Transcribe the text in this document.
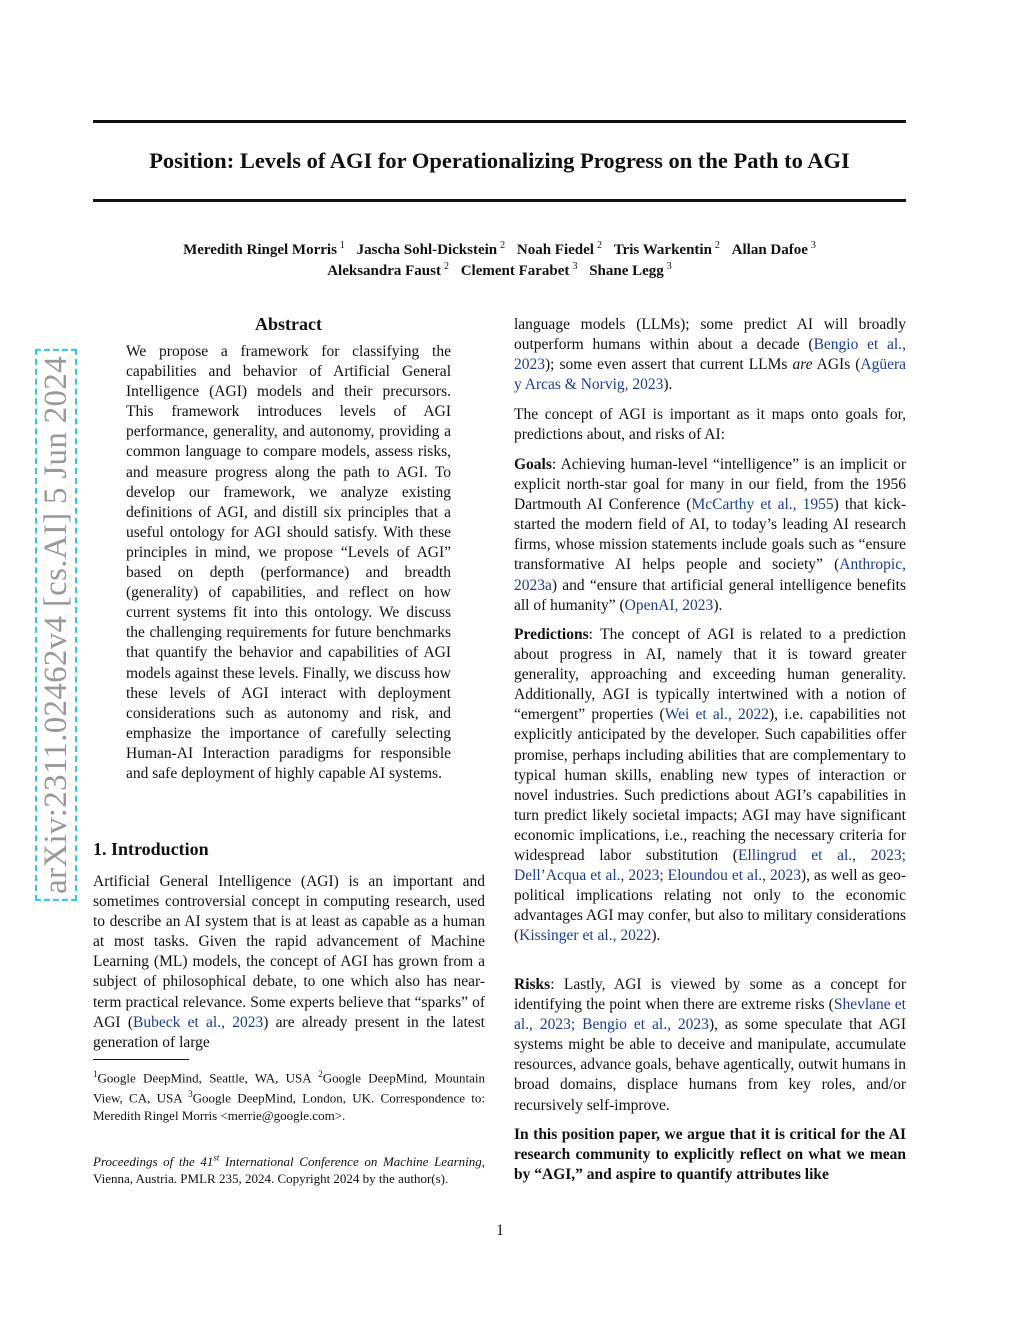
Position: Levels of AGI for Operationalizing Progress on the Path to AGI
Meredith Ringel Morris $^1$ Jascha Sohl-Dickstein $^2$ Noah Fiedel $^2$ Tris Warkentin $^2$ Allan Dafoe $^3$
Aleksandra Faust $^2$ Clement Farabet $^3$ Shane Legg $^3$
arXiv:2311.02462v4 [cs.AI] 5 Jun 2024
Abstract

We propose a framework for classifying the capabilities and behavior of Artificial General Intelligence (AGI) models and their precursors. This framework introduces levels of AGI performance, generality, and autonomy, providing a common language to compare models, assess risks, and measure progress along the path to AGI. To develop our framework, we analyze existing definitions of AGI, and distill six principles that a useful ontology for AGI should satisfy. With these principles in mind, we propose “Levels of AGI” based on depth (performance) and breadth (generality) of capabilities, and reflect on how current systems fit into this ontology. We discuss the challenging requirements for future benchmarks that quantify the behavior and capabilities of AGI models against these levels. Finally, we discuss how these levels of AGI interact with deployment considerations such as autonomy and risk, and emphasize the importance of carefully selecting Human-AI Interaction paradigms for responsible and safe deployment of highly capable AI systems.

1. Introduction

Artificial General Intelligence (AGI) is an important and sometimes controversial concept in computing research, used to describe an AI system that is at least as capable as a human at most tasks. Given the rapid advancement of Machine Learning (ML) models, the concept of AGI has grown from a subject of philosophical debate, to one which also has near-term practical relevance. Some experts believe that “sparks” of AGI (Bubeck et al., 2023) are already present in the latest generation of large

$^1$Google DeepMind, Seattle, WA, USA $^2$Google DeepMind, Mountain View, CA, USA $^3$Google DeepMind, London, UK. Correspondence to: Meredith Ringel Morris <merrie@google.com>.

Proceedings of the 41st International Conference on Machine Learning, Vienna, Austria. PMLR 235, 2024. Copyright 2024 by the author(s).

language models (LLMs); some predict AI will broadly outperform humans within about a decade (Bengio et al., 2023); some even assert that current LLMs are AGIs (Agüera y Arcas & Norvig, 2023).

The concept of AGI is important as it maps onto goals for, predictions about, and risks of AI:

Goals: Achieving human-level “intelligence” is an implicit or explicit north-star goal for many in our field, from the 1956 Dartmouth AI Conference (McCarthy et al., 1955) that kick-started the modern field of AI, to today’s leading AI research firms, whose mission statements include goals such as “ensure transformative AI helps people and society” (Anthropic, 2023a) and “ensure that artificial general intelligence benefits all of humanity” (OpenAI, 2023).

Predictions: The concept of AGI is related to a prediction about progress in AI, namely that it is toward greater generality, approaching and exceeding human generality. Additionally, AGI is typically intertwined with a notion of “emergent” properties (Wei et al., 2022), i.e. capabilities not explicitly anticipated by the developer. Such capabilities offer promise, perhaps including abilities that are complementary to typical human skills, enabling new types of interaction or novel industries. Such predictions about AGI’s capabilities in turn predict likely societal impacts; AGI may have significant economic implications, i.e., reaching the necessary criteria for widespread labor substitution (Ellingrud et al., 2023; Dell’Acqua et al., 2023; Eloundou et al., 2023), as well as geo-political implications relating not only to the economic advantages AGI may confer, but also to military considerations (Kissinger et al., 2022).

Risks: Lastly, AGI is viewed by some as a concept for identifying the point when there are extreme risks (Shevlane et al., 2023; Bengio et al., 2023), as some speculate that AGI systems might be able to deceive and manipulate, accumulate resources, advance goals, behave agentically, outwit humans in broad domains, displace humans from key roles, and/or recursively self-improve.

In this position paper, we argue that it is critical for the AI research community to explicitly reflect on what we mean by “AGI,” and aspire to quantify attributes like

1
